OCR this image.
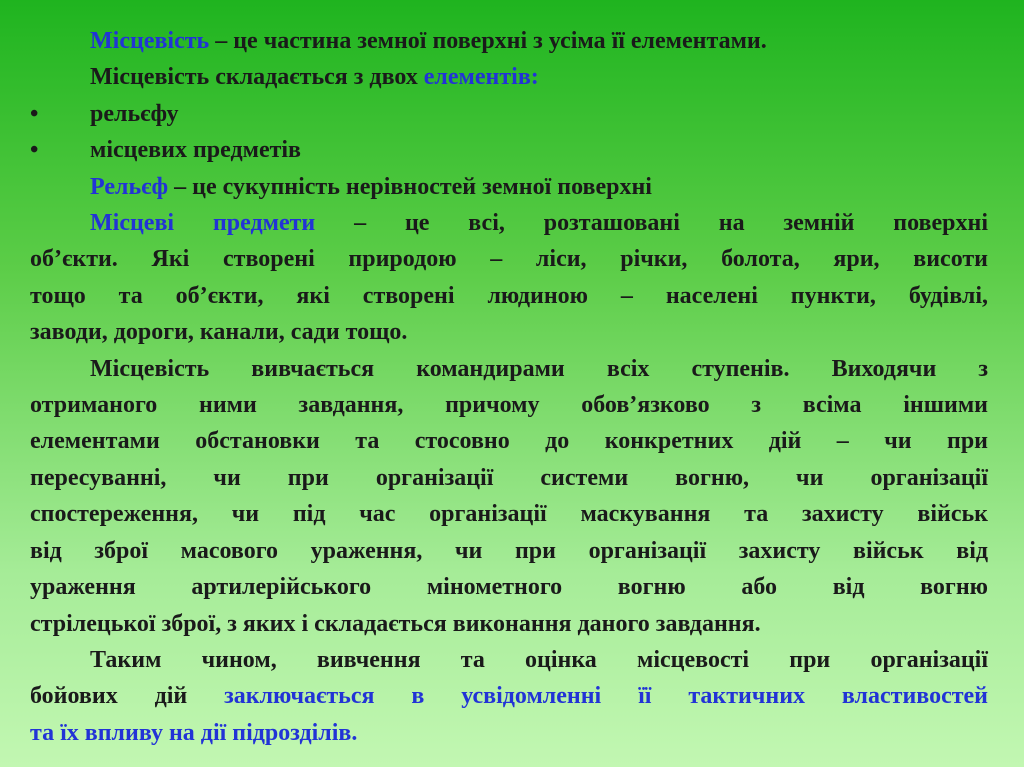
Місцевість – це частина земної поверхні з усіма її елементами.
Місцевість складається з двох елементів:
•	рельєфу
•	місцевих предметів
Рельєф – це сукупність нерівностей земної поверхні
Місцеві предмети – це всі, розташовані на земній поверхні
об’єкти. Які створені природою – ліси, річки, болота, яри, висоти
тощо та об’єкти, які створені людиною – населені пункти, будівлі,
заводи, дороги, канали, сади тощо.
Місцевість вивчається командирами всіх ступенів. Виходячи з
отриманого ними завдання, причому обов’язково з всіма іншими
елементами обстановки та стосовно до конкретних дій – чи при
пересуванні, чи при організації системи вогню, чи організації
спостереження, чи під час організації маскування та захисту військ
від зброї масового ураження, чи при організації захисту військ від
ураження артилерійського мінометного вогню або від вогню
стрілецької зброї, з яких і складається виконання даного завдання.
Таким чином, вивчення та оцінка місцевості при організації
бойових дій заключається в усвідомленні її тактичних властивостей
та їх впливу на дії підрозділів.
